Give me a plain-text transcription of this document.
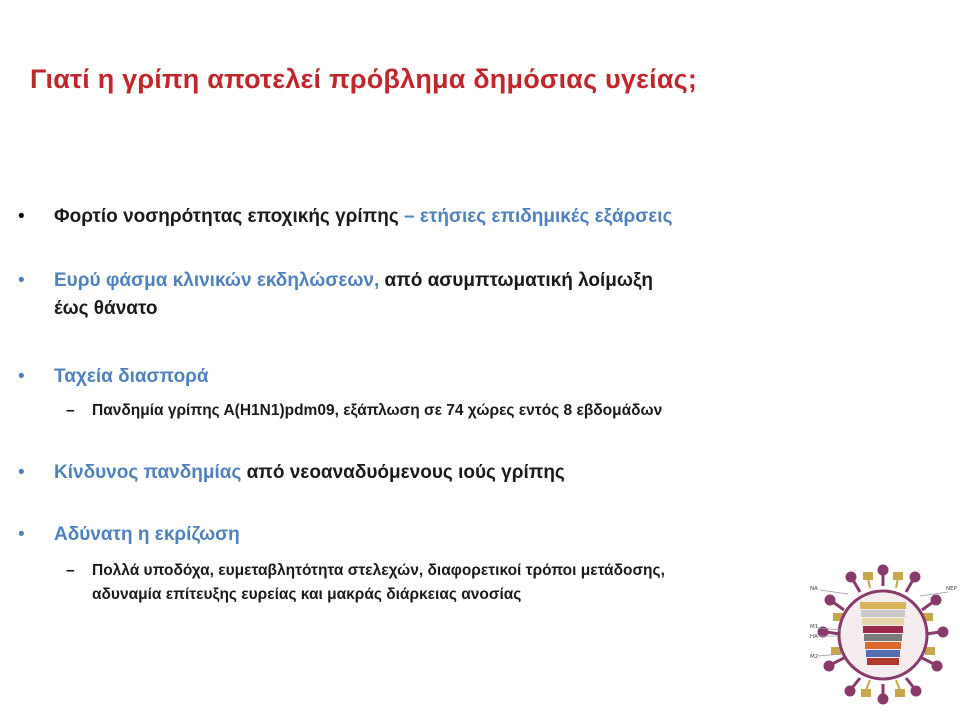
Γιατί η γρίπη αποτελεί πρόβλημα δημόσιας υγείας;
• Φορτίο νοσηρότητας εποχικής γρίπης – ετήσιες επιδημικές εξάρσεις
• Ευρύ φάσμα κλινικών εκδηλώσεων, από ασυμπτωματική λοίμωξη
έως θάνατο
• Ταχεία διασπορά
– Πανδημία γρίπης Α(Η1Ν1)pdm09, εξάπλωση σε 74 χώρες εντός 8 εβδομάδων
• Κίνδυνος πανδημίας από νεοαναδυόμενους ιούς γρίπης
• Αδύνατη η εκρίζωση
– Πολλά υποδόχα, ευμεταβλητότητα στελεχών, διαφορετικοί τρόποι μετάδοσης,
αδυναμία επίτευξης ευρείας και μακράς διάρκειας ανοσίας	NA
M1
HA
M2
NEP
